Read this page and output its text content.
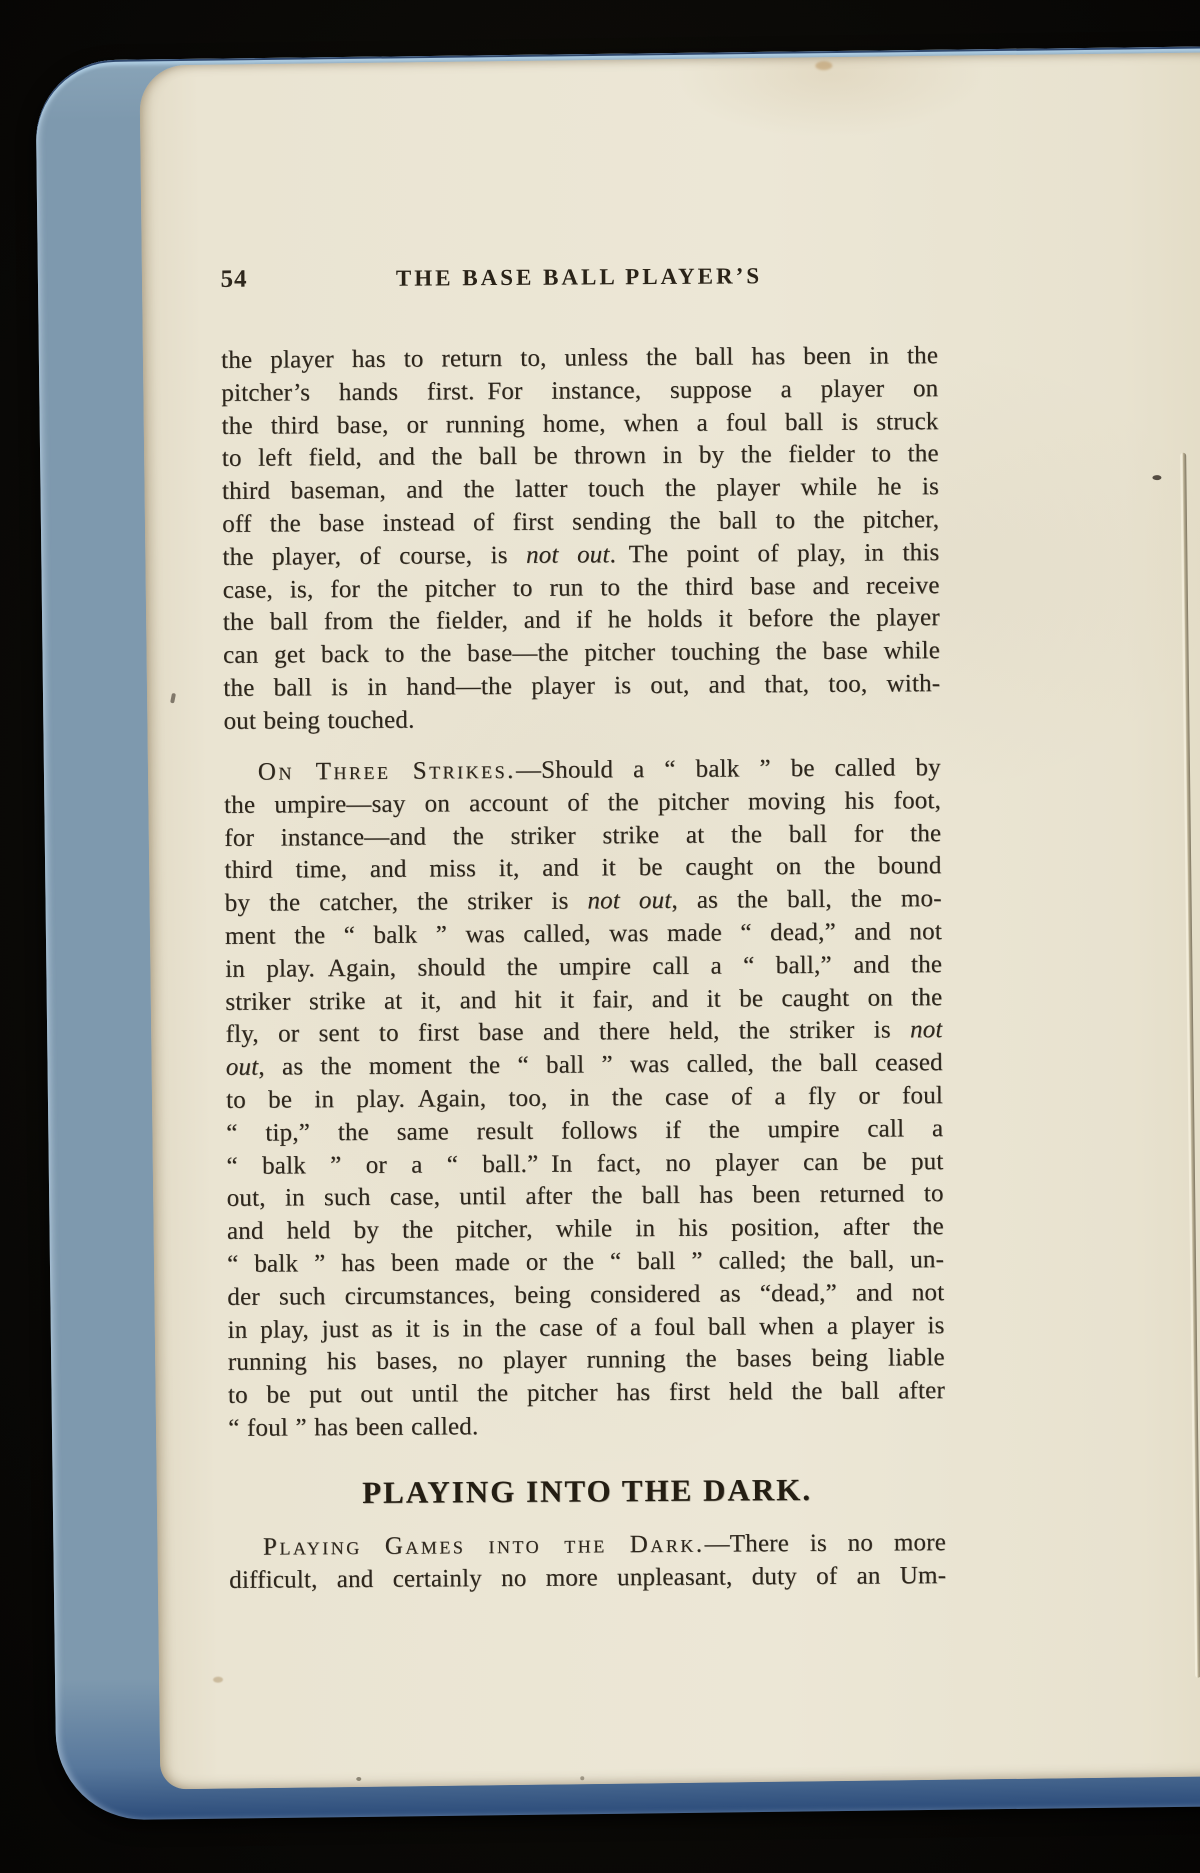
54	THE BASE BALL PLAYER’S
the player has to return to, unless the ball has been in the
pitcher’s hands first. For instance, suppose a player on
the third base, or running home, when a foul ball is struck
to left field, and the ball be thrown in by the fielder to the
third baseman, and the latter touch the player while he is
off the base instead of first sending the ball to the pitcher,
the player, of course, is not out. The point of play, in this
case, is, for the pitcher to run to the third base and receive
the ball from the fielder, and if he holds it before the player
can get back to the base—the pitcher touching the base while
the ball is in hand—the player is out, and that, too, with-
out being touched.
On Three Strikes.—Should a “ balk ” be called by
the umpire—say on account of the pitcher moving his foot,
for instance—and the striker strike at the ball for the
third time, and miss it, and it be caught on the bound
by the catcher, the striker is not out, as the ball, the mo-
ment the “ balk ” was called, was made “ dead,” and not
in play. Again, should the umpire call a “ ball,” and the
striker strike at it, and hit it fair, and it be caught on the
fly, or sent to first base and there held, the striker is not
out, as the moment the “ ball ” was called, the ball ceased
to be in play. Again, too, in the case of a fly or foul
“ tip,” the same result follows if the umpire call a
“ balk ” or a “ ball.” In fact, no player can be put
out, in such case, until after the ball has been returned to
and held by the pitcher, while in his position, after the
“ balk ” has been made or the “ ball ” called; the ball, un-
der such circumstances, being considered as “dead,” and not
in play, just as it is in the case of a foul ball when a player is
running his bases, no player running the bases being liable
to be put out until the pitcher has first held the ball after
“ foul ” has been called.
PLAYING INTO THE DARK.
Playing Games into the Dark.—There is no more
difficult, and certainly no more unpleasant, duty of an Um-
